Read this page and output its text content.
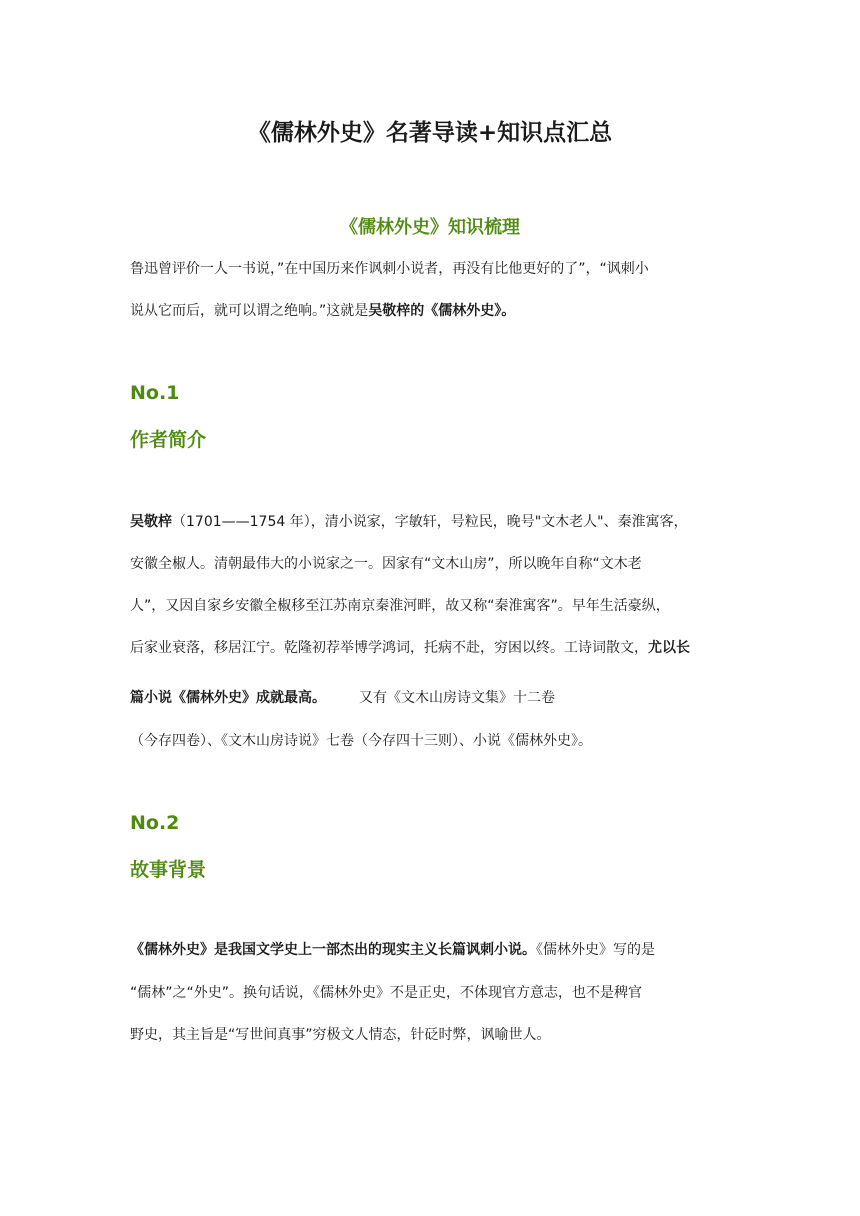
《儒林外史》名著导读+知识点汇总
《儒林外史》知识梳理
鲁迅曾评价一人一书说，”在中国历来作讽刺小说者，再没有比他更好的了”，“讽刺小
说从它而后，就可以谓之绝响。”这就是吴敬梓的《儒林外史》。
No.1
作者简介
吴敬梓（1701——1754 年），清小说家，字敏轩，号粒民，晚号"文木老人"、秦淮寓客，
安徽全椒人。清朝最伟大的小说家之一。因家有“文木山房”，所以晚年自称“文木老
人”，又因自家乡安徽全椒移至江苏南京秦淮河畔，故又称“秦淮寓客”。早年生活豪纵，
后家业衰落，移居江宁。乾隆初荐举博学鸿词，托病不赴，穷困以终。工诗词散文，尤以长
篇小说《儒林外史》成就最高。 又有《文木山房诗文集》十二卷
（今存四卷）、《文木山房诗说》七卷（今存四十三则）、小说《儒林外史》。
No.2
故事背景
《儒林外史》是我国文学史上一部杰出的现实主义长篇讽刺小说。《儒林外史》写的是
“儒林”之“外史”。换句话说，《儒林外史》不是正史，不体现官方意志，也不是稗官
野史，其主旨是“写世间真事”穷极文人情态，针砭时弊，讽喻世人。
